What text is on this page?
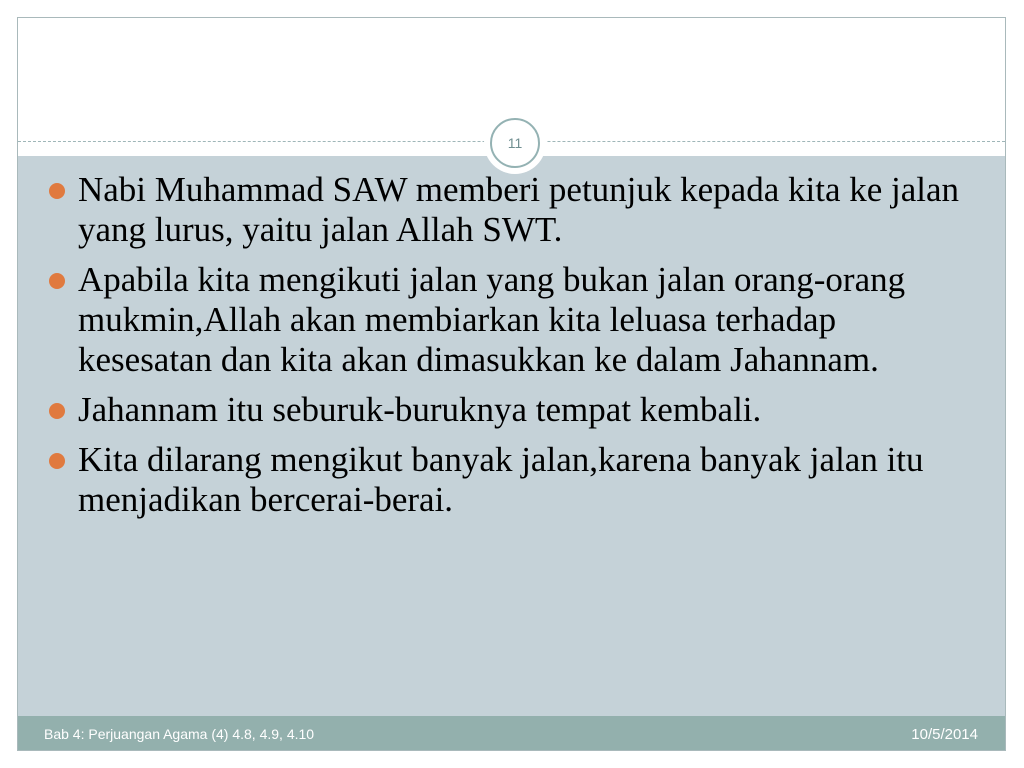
11
Nabi Muhammad SAW memberi petunjuk kepada kita ke jalan yang lurus, yaitu jalan Allah SWT.
Apabila kita mengikuti jalan yang bukan jalan orang-orang mukmin,Allah akan membiarkan kita leluasa terhadap kesesatan dan kita akan dimasukkan ke dalam Jahannam.
Jahannam itu seburuk-buruknya tempat kembali.
Kita dilarang mengikut banyak jalan,karena banyak jalan itu menjadikan bercerai-berai.
Bab 4: Perjuangan Agama (4) 4.8, 4.9, 4.10	10/5/2014
